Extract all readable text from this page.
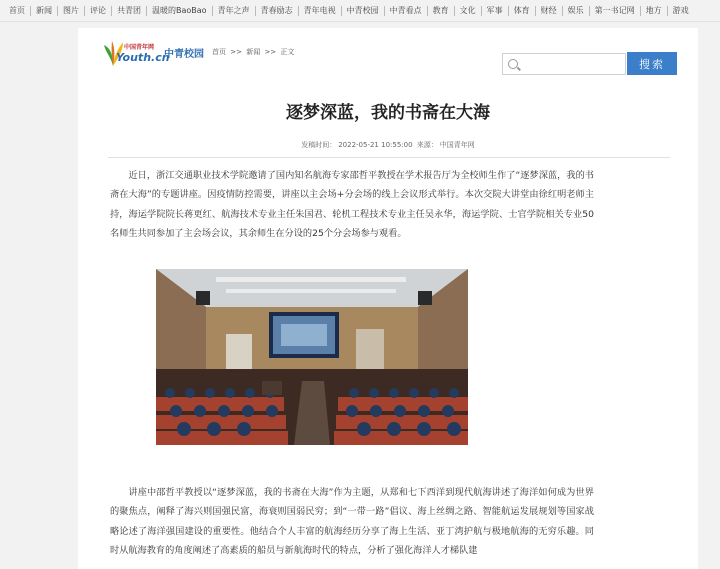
首页	新闻	图片	评论	共青团	温暖的BaoBao	青年之声	青春励志	青年电视	中青校园	中青看点	教育	文化	军事	体育	财经	娱乐	第一书记网	地方	游戏
中国青年网
Youth.cn
中青校园 首页 >> 新闻 >> 正文
搜索
逐梦深蓝，我的书斋在大海
发稿时间： 2022-05-21 10:55:00 来源： 中国青年网

近日，浙江交通职业技术学院邀请了国内知名航海专家邵哲平教授在学术报告厅为全校师生作了“逐梦深蓝，我的书斋在大海”的专题讲座。因疫情防控需要，讲座以主会场+分会场的线上会议形式举行。本次交院大讲堂由徐红明老师主持，海运学院院长蒋更红、航海技术专业主任朱国君、轮机工程技术专业主任吴永华，海运学院、士官学院相关专业50名师生共同参加了主会场会议，其余师生在分设的25个分会场参与观看。

讲座中邵哲平教授以“逐梦深蓝，我的书斋在大海”作为主题，从郑和七下西洋到现代航海讲述了海洋如何成为世界的聚焦点，阐释了海兴则国强民富，海衰则国弱民穷；到“一带一路”倡议、海上丝绸之路、智能航运发展规划等国家战略论述了海洋强国建设的重要性。他结合个人丰富的航海经历分享了海上生活、亚丁湾护航与极地航海的无穷乐趣。同时从航海教育的角度阐述了高素质的船员与新航海时代的特点，分析了强化海洋人才梯队建
